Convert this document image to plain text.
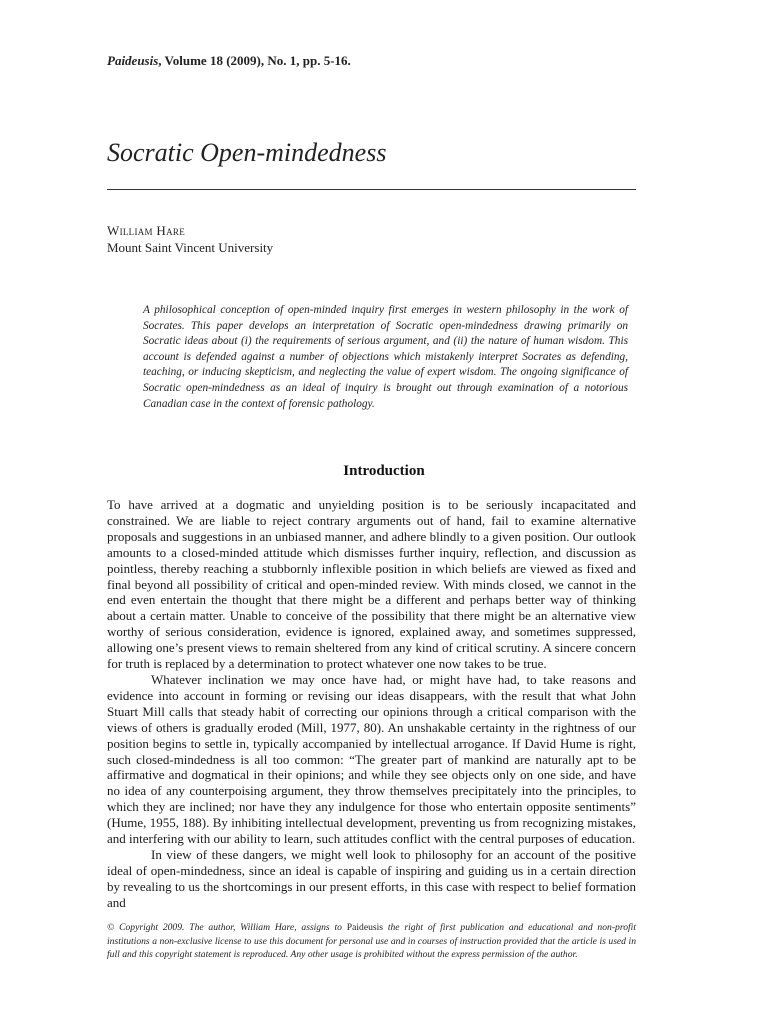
Paideusis, Volume 18 (2009), No. 1, pp. 5-16.
Socratic Open-mindedness
William Hare
Mount Saint Vincent University
A philosophical conception of open-minded inquiry first emerges in western philosophy in the work of Socrates. This paper develops an interpretation of Socratic open-mindedness drawing primarily on Socratic ideas about (i) the requirements of serious argument, and (ii) the nature of human wisdom. This account is defended against a number of objections which mistakenly interpret Socrates as defending, teaching, or inducing skepticism, and neglecting the value of expert wisdom. The ongoing significance of Socratic open-mindedness as an ideal of inquiry is brought out through examination of a notorious Canadian case in the context of forensic pathology.
Introduction

To have arrived at a dogmatic and unyielding position is to be seriously incapacitated and constrained. We are liable to reject contrary arguments out of hand, fail to examine alternative proposals and suggestions in an unbiased manner, and adhere blindly to a given position. Our outlook amounts to a closed-minded attitude which dismisses further inquiry, reflection, and discussion as pointless, thereby reaching a stubbornly inflexible position in which beliefs are viewed as fixed and final beyond all possibility of critical and open-minded review. With minds closed, we cannot in the end even entertain the thought that there might be a different and perhaps better way of thinking about a certain matter. Unable to conceive of the possibility that there might be an alternative view worthy of serious consideration, evidence is ignored, explained away, and sometimes suppressed, allowing one’s present views to remain sheltered from any kind of critical scrutiny. A sincere concern for truth is replaced by a determination to protect whatever one now takes to be true.

Whatever inclination we may once have had, or might have had, to take reasons and evidence into account in forming or revising our ideas disappears, with the result that what John Stuart Mill calls that steady habit of correcting our opinions through a critical comparison with the views of others is gradually eroded (Mill, 1977, 80). An unshakable certainty in the rightness of our position begins to settle in, typically accompanied by intellectual arrogance. If David Hume is right, such closed-mindedness is all too common: “The greater part of mankind are naturally apt to be affirmative and dogmatical in their opinions; and while they see objects only on one side, and have no idea of any counterpoising argument, they throw themselves precipitately into the principles, to which they are inclined; nor have they any indulgence for those who entertain opposite sentiments” (Hume, 1955, 188). By inhibiting intellectual development, preventing us from recognizing mistakes, and interfering with our ability to learn, such attitudes conflict with the central purposes of education.

In view of these dangers, we might well look to philosophy for an account of the positive ideal of open-mindedness, since an ideal is capable of inspiring and guiding us in a certain direction by revealing to us the shortcomings in our present efforts, in this case with respect to belief formation and

© Copyright 2009. The author, William Hare, assigns to Paideusis the right of first publication and educational and non-profit institutions a non-exclusive license to use this document for personal use and in courses of instruction provided that the article is used in full and this copyright statement is reproduced. Any other usage is prohibited without the express permission of the author.
